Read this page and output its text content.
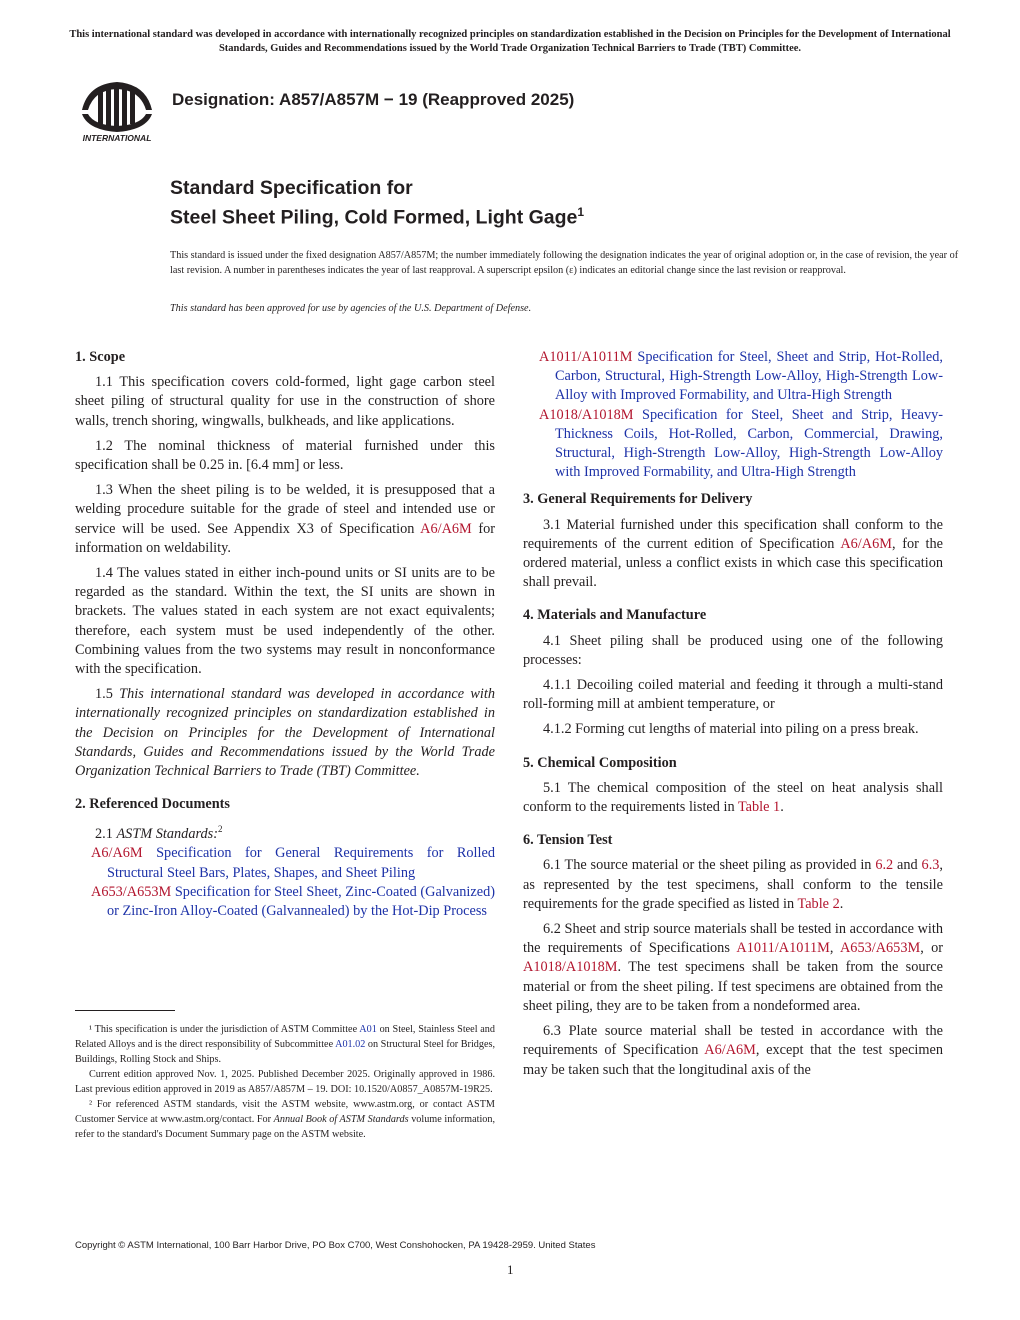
This international standard was developed in accordance with internationally recognized principles on standardization established in the Decision on Principles for the Development of International Standards, Guides and Recommendations issued by the World Trade Organization Technical Barriers to Trade (TBT) Committee.
INTERNATIONAL
Designation: A857/A857M − 19 (Reapproved 2025)
Standard Specification for
Steel Sheet Piling, Cold Formed, Light Gage$^1$
This standard is issued under the fixed designation A857/A857M; the number immediately following the designation indicates the year of original adoption or, in the case of revision, the year of last revision. A number in parentheses indicates the year of last reapproval. A superscript epsilon (ε) indicates an editorial change since the last revision or reapproval.
This standard has been approved for use by agencies of the U.S. Department of Defense.
1. Scope

1.1 This specification covers cold-formed, light gage carbon steel sheet piling of structural quality for use in the construction of shore walls, trench shoring, wingwalls, bulkheads, and like applications.

1.2 The nominal thickness of material furnished under this specification shall be 0.25 in. [6.4 mm] or less.

1.3 When the sheet piling is to be welded, it is presupposed that a welding procedure suitable for the grade of steel and intended use or service will be used. See Appendix X3 of Specification A6/A6M for information on weldability.

1.4 The values stated in either inch-pound units or SI units are to be regarded as the standard. Within the text, the SI units are shown in brackets. The values stated in each system are not exact equivalents; therefore, each system must be used independently of the other. Combining values from the two systems may result in nonconformance with the specification.

1.5 This international standard was developed in accordance with internationally recognized principles on standardization established in the Decision on Principles for the Development of International Standards, Guides and Recommendations issued by the World Trade Organization Technical Barriers to Trade (TBT) Committee.

2. Referenced Documents

2.1 ASTM Standards:$^2$

A6/A6M Specification for General Requirements for Rolled Structural Steel Bars, Plates, Shapes, and Sheet Piling
A653/A653M Specification for Steel Sheet, Zinc-Coated (Galvanized) or Zinc-Iron Alloy-Coated (Galvannealed) by the Hot-Dip Process

¹ This specification is under the jurisdiction of ASTM Committee A01 on Steel, Stainless Steel and Related Alloys and is the direct responsibility of Subcommittee A01.02 on Structural Steel for Bridges, Buildings, Rolling Stock and Ships.

Current edition approved Nov. 1, 2025. Published December 2025. Originally approved in 1986. Last previous edition approved in 2019 as A857/A857M – 19. DOI: 10.1520/A0857_A0857M-19R25.

² For referenced ASTM standards, visit the ASTM website, www.astm.org, or contact ASTM Customer Service at www.astm.org/contact. For Annual Book of ASTM Standards volume information, refer to the standard's Document Summary page on the ASTM website.

A1011/A1011M Specification for Steel, Sheet and Strip, Hot-Rolled, Carbon, Structural, High-Strength Low-Alloy, High-Strength Low-Alloy with Improved Formability, and Ultra-High Strength
A1018/A1018M Specification for Steel, Sheet and Strip, Heavy-Thickness Coils, Hot-Rolled, Carbon, Commercial, Drawing, Structural, High-Strength Low-Alloy, High-Strength Low-Alloy with Improved Formability, and Ultra-High Strength
3. General Requirements for Delivery

3.1 Material furnished under this specification shall conform to the requirements of the current edition of Specification A6/A6M, for the ordered material, unless a conflict exists in which case this specification shall prevail.

4. Materials and Manufacture

4.1 Sheet piling shall be produced using one of the following processes:

4.1.1 Decoiling coiled material and feeding it through a multi-stand roll-forming mill at ambient temperature, or

4.1.2 Forming cut lengths of material into piling on a press break.

5. Chemical Composition

5.1 The chemical composition of the steel on heat analysis shall conform to the requirements listed in Table 1.

6. Tension Test

6.1 The source material or the sheet piling as provided in 6.2 and 6.3, as represented by the test specimens, shall conform to the tensile requirements for the grade specified as listed in Table 2.

6.2 Sheet and strip source materials shall be tested in accordance with the requirements of Specifications A1011/A1011M, A653/A653M, or A1018/A1018M. The test specimens shall be taken from the source material or from the sheet piling. If test specimens are obtained from the sheet piling, they are to be taken from a nondeformed area.

6.3 Plate source material shall be tested in accordance with the requirements of Specification A6/A6M, except that the test specimen may be taken such that the longitudinal axis of the

Copyright © ASTM International, 100 Barr Harbor Drive, PO Box C700, West Conshohocken, PA 19428-2959. United States
1
